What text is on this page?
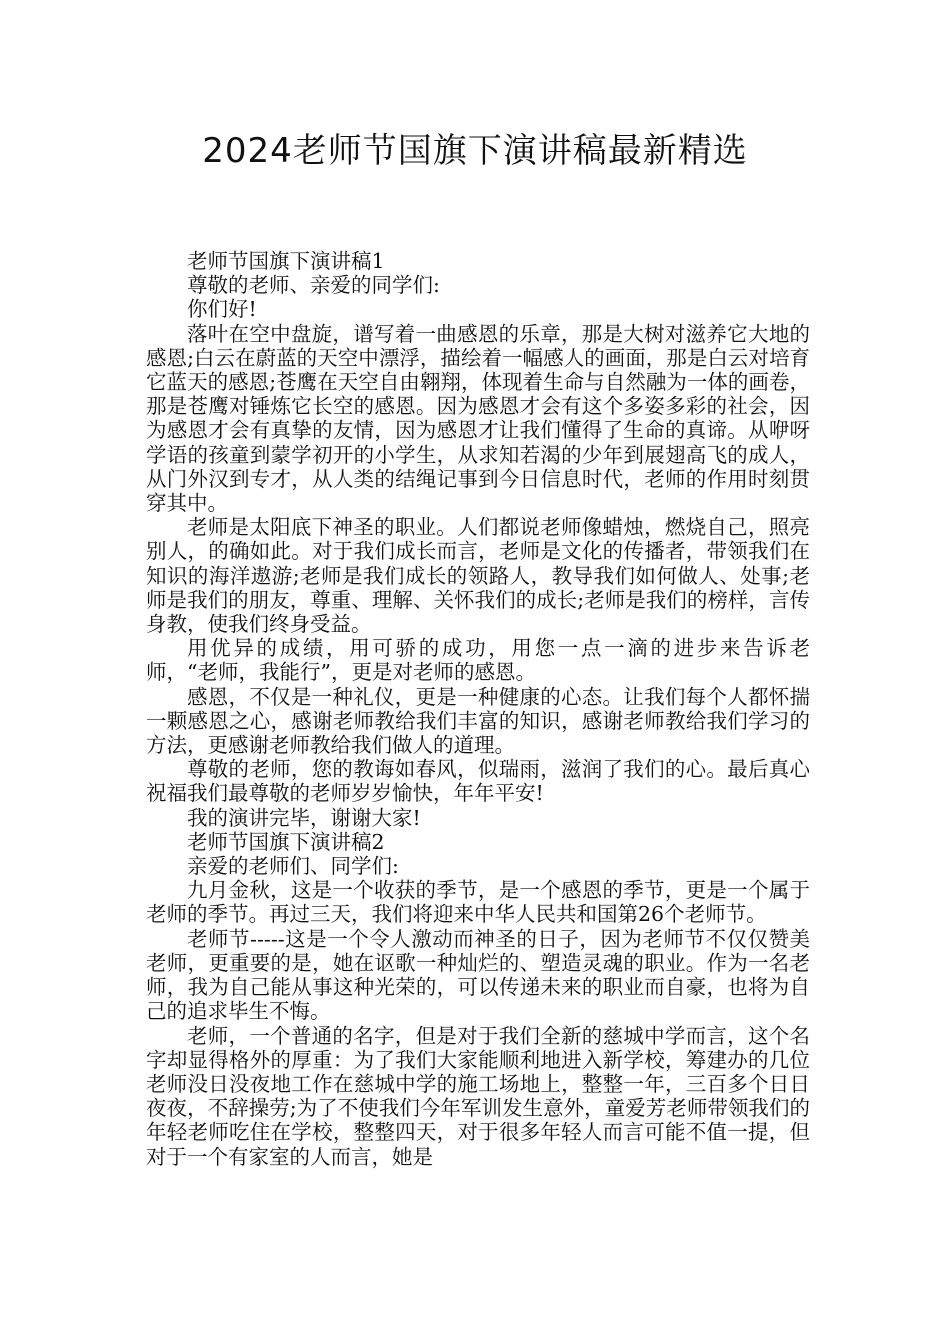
2024老师节国旗下演讲稿最新精选

老师节国旗下演讲稿1

尊敬的老师、亲爱的同学们:

你们好!

落叶在空中盘旋，谱写着一曲感恩的乐章，那是大树对滋养它大地的感恩;白云在蔚蓝的天空中漂浮，描绘着一幅感人的画面，那是白云对培育它蓝天的感恩;苍鹰在天空自由翱翔，体现着生命与自然融为一体的画卷，那是苍鹰对锤炼它长空的感恩。因为感恩才会有这个多姿多彩的社会，因为感恩才会有真挚的友情，因为感恩才让我们懂得了生命的真谛。从咿呀学语的孩童到蒙学初开的小学生，从求知若渴的少年到展翅高飞的成人，从门外汉到专才，从人类的结绳记事到今日信息时代，老师的作用时刻贯穿其中。

老师是太阳底下神圣的职业。人们都说老师像蜡烛，燃烧自己，照亮别人，的确如此。对于我们成长而言，老师是文化的传播者，带领我们在知识的海洋遨游;老师是我们成长的领路人，教导我们如何做人、处事;老师是我们的朋友，尊重、理解、关怀我们的成长;老师是我们的榜样，言传身教，使我们终身受益。

用优异的成绩，用可骄的成功，用您一点一滴的进步来告诉老师，“老师，我能行”，更是对老师的感恩。

感恩，不仅是一种礼仪，更是一种健康的心态。让我们每个人都怀揣一颗感恩之心，感谢老师教给我们丰富的知识，感谢老师教给我们学习的方法，更感谢老师教给我们做人的道理。

尊敬的老师，您的教诲如春风，似瑞雨，滋润了我们的心。最后真心祝福我们最尊敬的老师岁岁愉快，年年平安!

我的演讲完毕，谢谢大家!

老师节国旗下演讲稿2

亲爱的老师们、同学们:

九月金秋，这是一个收获的季节，是一个感恩的季节，更是一个属于老师的季节。再过三天，我们将迎来中华人民共和国第26个老师节。

老师节-----这是一个令人激动而神圣的日子，因为老师节不仅仅赞美老师，更重要的是，她在讴歌一种灿烂的、塑造灵魂的职业。作为一名老师，我为自己能从事这种光荣的，可以传递未来的职业而自豪，也将为自己的追求毕生不悔。

老师，一个普通的名字，但是对于我们全新的慈城中学而言，这个名字却显得格外的厚重：为了我们大家能顺利地进入新学校，筹建办的几位老师没日没夜地工作在慈城中学的施工场地上，整整一年，三百多个日日夜夜，不辞操劳;为了不使我们今年军训发生意外，童爱芳老师带领我们的年轻老师吃住在学校，整整四天，对于很多年轻人而言可能不值一提，但对于一个有家室的人而言，她是
